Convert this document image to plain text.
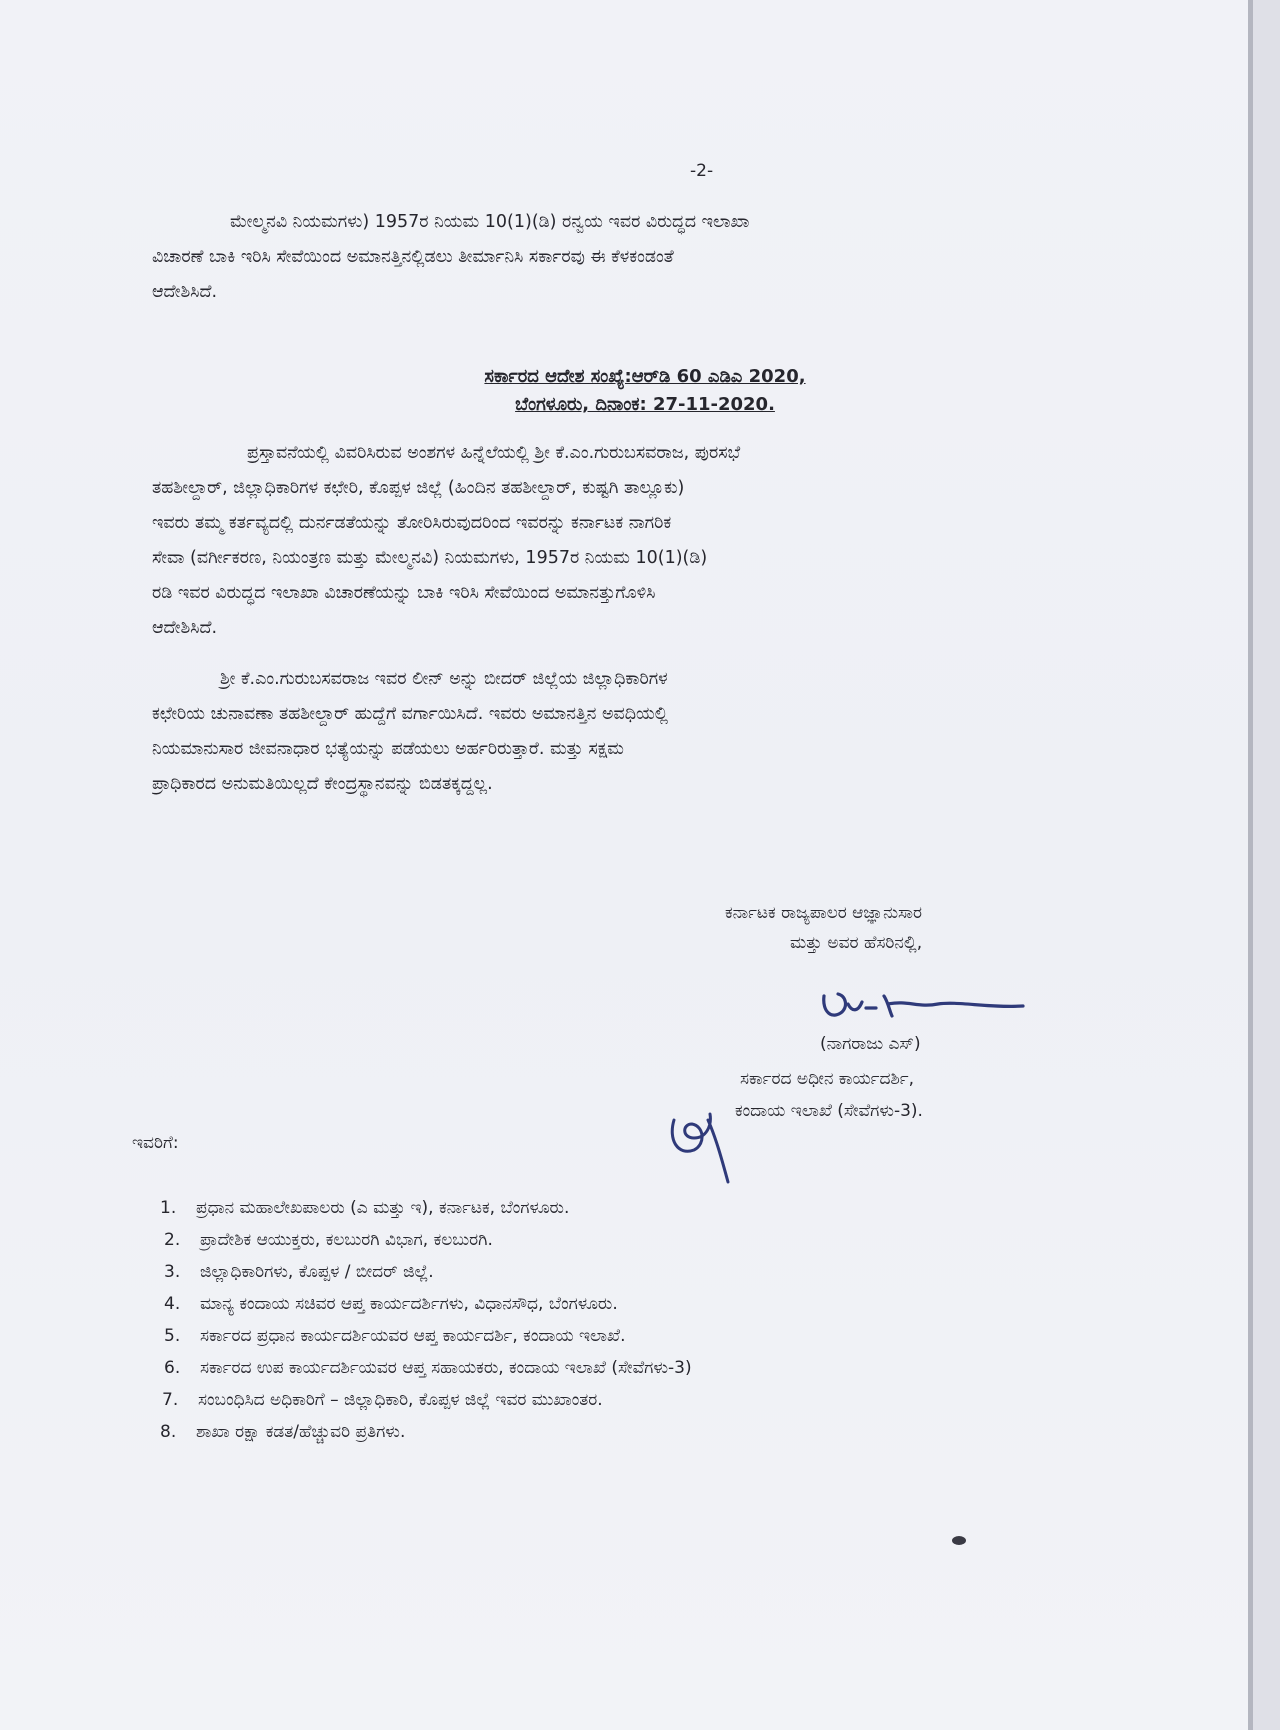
-2-
ಮೇಲ್ಮನವಿ ನಿಯಮಗಳು) 1957ರ ನಿಯಮ 10(1)(ಡಿ) ರನ್ವಯ ಇವರ ವಿರುದ್ಧದ ಇಲಾಖಾ
ವಿಚಾರಣೆ ಬಾಕಿ ಇರಿಸಿ ಸೇವೆಯಿಂದ ಅಮಾನತ್ತಿನಲ್ಲಿಡಲು ತೀರ್ಮಾನಿಸಿ ಸರ್ಕಾರವು ಈ ಕೆಳಕಂಡಂತೆ
ಆದೇಶಿಸಿದೆ.
ಸರ್ಕಾರದ ಆದೇಶ ಸಂಖ್ಯೆ:ಆರ್‌ಡಿ 60 ಎಡಿಎ 2020,
ಬೆಂಗಳೂರು, ದಿನಾಂಕ: 27-11-2020.
ಪ್ರಸ್ತಾವನೆಯಲ್ಲಿ ವಿವರಿಸಿರುವ ಅಂಶಗಳ ಹಿನ್ನೆಲೆಯಲ್ಲಿ ಶ್ರೀ ಕೆ.ಎಂ.ಗುರುಬಸವರಾಜ, ಪುರಸಭೆ
ತಹಶೀಲ್ದಾರ್, ಜಿಲ್ಲಾಧಿಕಾರಿಗಳ ಕಛೇರಿ, ಕೊಪ್ಪಳ ಜಿಲ್ಲೆ (ಹಿಂದಿನ ತಹಶೀಲ್ದಾರ್, ಕುಷ್ಟಗಿ ತಾಲ್ಲೂಕು)
ಇವರು ತಮ್ಮ ಕರ್ತವ್ಯದಲ್ಲಿ ದುರ್ನಡತೆಯನ್ನು ತೋರಿಸಿರುವುದರಿಂದ ಇವರನ್ನು ಕರ್ನಾಟಕ ನಾಗರಿಕ
ಸೇವಾ (ವರ್ಗೀಕರಣ, ನಿಯಂತ್ರಣ ಮತ್ತು ಮೇಲ್ಮನವಿ) ನಿಯಮಗಳು, 1957ರ ನಿಯಮ 10(1)(ಡಿ)
ರಡಿ ಇವರ ವಿರುದ್ಧದ ಇಲಾಖಾ ವಿಚಾರಣೆಯನ್ನು ಬಾಕಿ ಇರಿಸಿ ಸೇವೆಯಿಂದ ಅಮಾನತ್ತುಗೊಳಿಸಿ
ಆದೇಶಿಸಿದೆ.
ಶ್ರೀ ಕೆ.ಎಂ.ಗುರುಬಸವರಾಜ ಇವರ ಲೀನ್ ಅನ್ನು ಬೀದರ್ ಜಿಲ್ಲೆಯ ಜಿಲ್ಲಾಧಿಕಾರಿಗಳ
ಕಛೇರಿಯ ಚುನಾವಣಾ ತಹಶೀಲ್ದಾರ್ ಹುದ್ದೆಗೆ ವರ್ಗಾಯಿಸಿದೆ. ಇವರು ಅಮಾನತ್ತಿನ ಅವಧಿಯಲ್ಲಿ
ನಿಯಮಾನುಸಾರ ಜೀವನಾಧಾರ ಭತ್ಯೆಯನ್ನು ಪಡೆಯಲು ಅರ್ಹರಿರುತ್ತಾರೆ. ಮತ್ತು ಸಕ್ಷಮ
ಪ್ರಾಧಿಕಾರದ ಅನುಮತಿಯಿಲ್ಲದೆ ಕೇಂದ್ರಸ್ಥಾನವನ್ನು ಬಿಡತಕ್ಕದ್ದಲ್ಲ.
ಕರ್ನಾಟಕ ರಾಜ್ಯಪಾಲರ ಆಜ್ಞಾನುಸಾರ
ಮತ್ತು ಅವರ ಹೆಸರಿನಲ್ಲಿ,
(ನಾಗರಾಜು ಎಸ್)
ಸರ್ಕಾರದ ಅಧೀನ ಕಾರ್ಯದರ್ಶಿ,
ಕಂದಾಯ ಇಲಾಖೆ (ಸೇವೆಗಳು-3).
ಇವರಿಗೆ:
1. ಪ್ರಧಾನ ಮಹಾಲೇಖಪಾಲರು (ಎ ಮತ್ತು ಇ), ಕರ್ನಾಟಕ, ಬೆಂಗಳೂರು.
2. ಪ್ರಾದೇಶಿಕ ಆಯುಕ್ತರು, ಕಲಬುರಗಿ ವಿಭಾಗ, ಕಲಬುರಗಿ.
3. ಜಿಲ್ಲಾಧಿಕಾರಿಗಳು, ಕೊಪ್ಪಳ / ಬೀದರ್ ಜಿಲ್ಲೆ.
4. ಮಾನ್ಯ ಕಂದಾಯ ಸಚಿವರ ಆಪ್ತ ಕಾರ್ಯದರ್ಶಿಗಳು, ವಿಧಾನಸೌಧ, ಬೆಂಗಳೂರು.
5. ಸರ್ಕಾರದ ಪ್ರಧಾನ ಕಾರ್ಯದರ್ಶಿಯವರ ಆಪ್ತ ಕಾರ್ಯದರ್ಶಿ, ಕಂದಾಯ ಇಲಾಖೆ.
6. ಸರ್ಕಾರದ ಉಪ ಕಾರ್ಯದರ್ಶಿಯವರ ಆಪ್ತ ಸಹಾಯಕರು, ಕಂದಾಯ ಇಲಾಖೆ (ಸೇವೆಗಳು-3)
7. ಸಂಬಂಧಿಸಿದ ಅಧಿಕಾರಿಗೆ – ಜಿಲ್ಲಾಧಿಕಾರಿ, ಕೊಪ್ಪಳ ಜಿಲ್ಲೆ ಇವರ ಮುಖಾಂತರ.
8. ಶಾಖಾ ರಕ್ಷಾ ಕಡತ/ಹೆಚ್ಚುವರಿ ಪ್ರತಿಗಳು.
